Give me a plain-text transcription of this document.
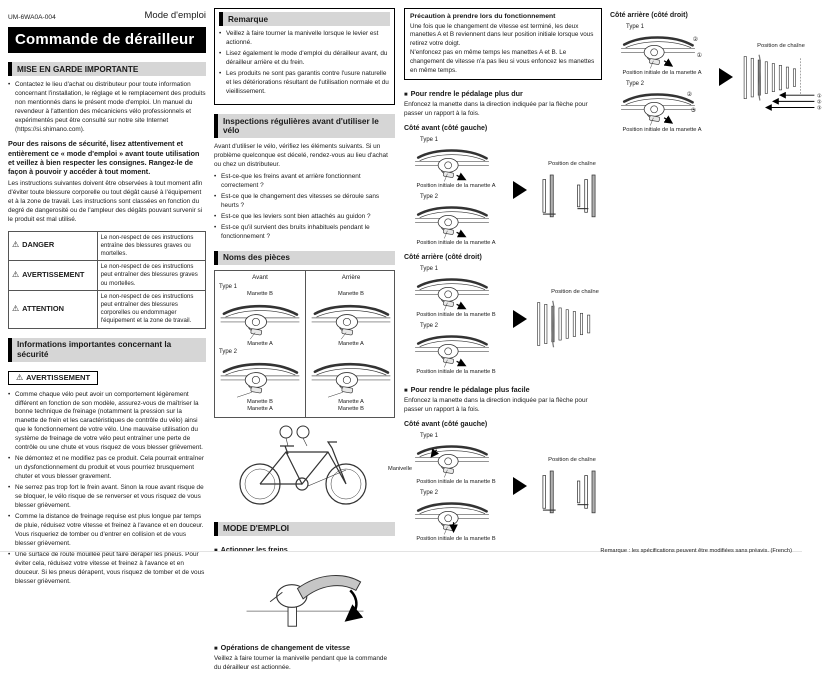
UM-6WA0A-004	Mode d'emploi
Commande de dérailleur
MISE EN GARDE IMPORTANTE
• Contactez le lieu d'achat ou distributeur pour toute information concernant l'installation, le réglage et le remplacement des produits non mentionnés dans le présent mode d'emploi. Un manuel du revendeur à l'attention des mécaniciens vélo professionnels et expérimentés peut être consulté sur notre site Internet (https://si.shimano.com).

Pour des raisons de sécurité, lisez attentivement et entièrement ce « mode d'emploi » avant toute utilisation et veillez à bien respecter les consignes. Rangez-le de façon à pouvoir y accéder à tout moment.

Les instructions suivantes doivent être observées à tout moment afin d'éviter toute blessure corporelle ou tout dégât causé à l'équipement et à la zone de travail. Les instructions sont classées en fonction du degré de dangerosité ou de l'ampleur des dégâts pouvant survenir si le produit est mal utilisé.

⚠ DANGER	Le non-respect de ces instructions entraîne des blessures graves ou mortelles.
⚠ AVERTISSEMENT	Le non-respect de ces instructions peut entraîner des blessures graves ou mortelles.
⚠ ATTENTION	Le non-respect de ces instructions peut entraîner des blessures corporelles ou endommager l'équipement et la zone de travail.
Informations importantes concernant la sécurité
⚠ AVERTISSEMENT
• Comme chaque vélo peut avoir un comportement légèrement différent en fonction de son modèle, assurez-vous de maîtriser la bonne technique de freinage (notamment la pression sur la manette de frein et les caractéristiques de contrôle du vélo) ainsi que le fonctionnement de votre vélo. Une mauvaise utilisation du système de freinage de votre vélo peut entraîner une perte de contrôle ou une chute et vous risquez de vous blesser grièvement.
• Ne démontez et ne modifiez pas ce produit. Cela pourrait entraîner un dysfonctionnement du produit et vous pourriez brusquement chuter et vous blesser gravement.
• Ne serrez pas trop fort le frein avant. Sinon la roue avant risque de se bloquer, le vélo risque de se renverser et vous risquez de vous blesser grièvement.
• Comme la distance de freinage requise est plus longue par temps de pluie, réduisez votre vitesse et freinez à l'avance et en douceur. Vous risqueriez de tomber ou d'entrer en collision et de vous blesser grièvement.
• Une surface de route mouillée peut faire déraper les pneus. Pour éviter cela, réduisez votre vitesse et freinez à l'avance et en douceur. Si les pneus dérapent, vous risquez de tomber et de vous blesser grièvement.
Remarque
• Veillez à faire tourner la manivelle lorsque le levier est actionné.
• Lisez également le mode d'emploi du dérailleur avant, du dérailleur arrière et du frein.
• Les produits ne sont pas garantis contre l'usure naturelle et les détériorations résultant de l'utilisation normale et du vieillissement.
Inspections régulières avant d'utiliser le vélo

Avant d'utiliser le vélo, vérifiez les éléments suivants. Si un problème quelconque est décelé, rendez-vous au lieu d'achat ou chez un distributeur.

• Est-ce-que les freins avant et arrière fonctionnent correctement ?
• Est-ce que le changement des vitesses se déroule sans heurts ?
• Est-ce que les leviers sont bien attachés au guidon ?
• Est-ce qu'il survient des bruits inhabituels pendant le fonctionnement ?
Noms des pièces
Avant
Type 1
Manette B
Manette A
Type 2
Manette B
Manette A
Arrière

Manette B
Manette A

Manette A
Manette B
Manivelle
MODE D'EMPLOI
■ Actionner les freins
■ Opérations de changement de vitesse

Veillez à faire tourner la manivelle pendant que la commande du dérailleur est actionnée.

Précaution à prendre lors du fonctionnement
Une fois que le changement de vitesse est terminé, les deux manettes A et B reviennent dans leur position initiale lorsque vous retirez votre doigt.
N'enfoncez pas en même temps les manettes A et B. Le changement de vitesse n'a pas lieu si vous enfoncez les manettes en même temps.
■ Pour rendre le pédalage plus dur

Enfoncez la manette dans la direction indiquée par la flèche pour passer un rapport à la fois.

Côté avant (côté gauche)
Type 1
Position initiale de la manette A
Type 2
Position initiale de la manette A
Position de chaîne
Côté arrière (côté droit)
Type 1
Position initiale de la manette B
Type 2
Position initiale de la manette B
Position de chaîne
■ Pour rendre le pédalage plus facile

Enfoncez la manette dans la direction indiquée par la flèche pour passer un rapport à la fois.

Côté avant (côté gauche)
Type 1
Position initiale de la manette B
Type 2
Position initiale de la manette B
Position de chaîne
Côté arrière (côté droit)
Type 1
②
①
Position initiale de la manette A
Type 2
②
③
Position initiale de la manette A
Position de chaîne
①
②
③
Remarque : les spécifications peuvent être modifiées sans préavis. (French)
